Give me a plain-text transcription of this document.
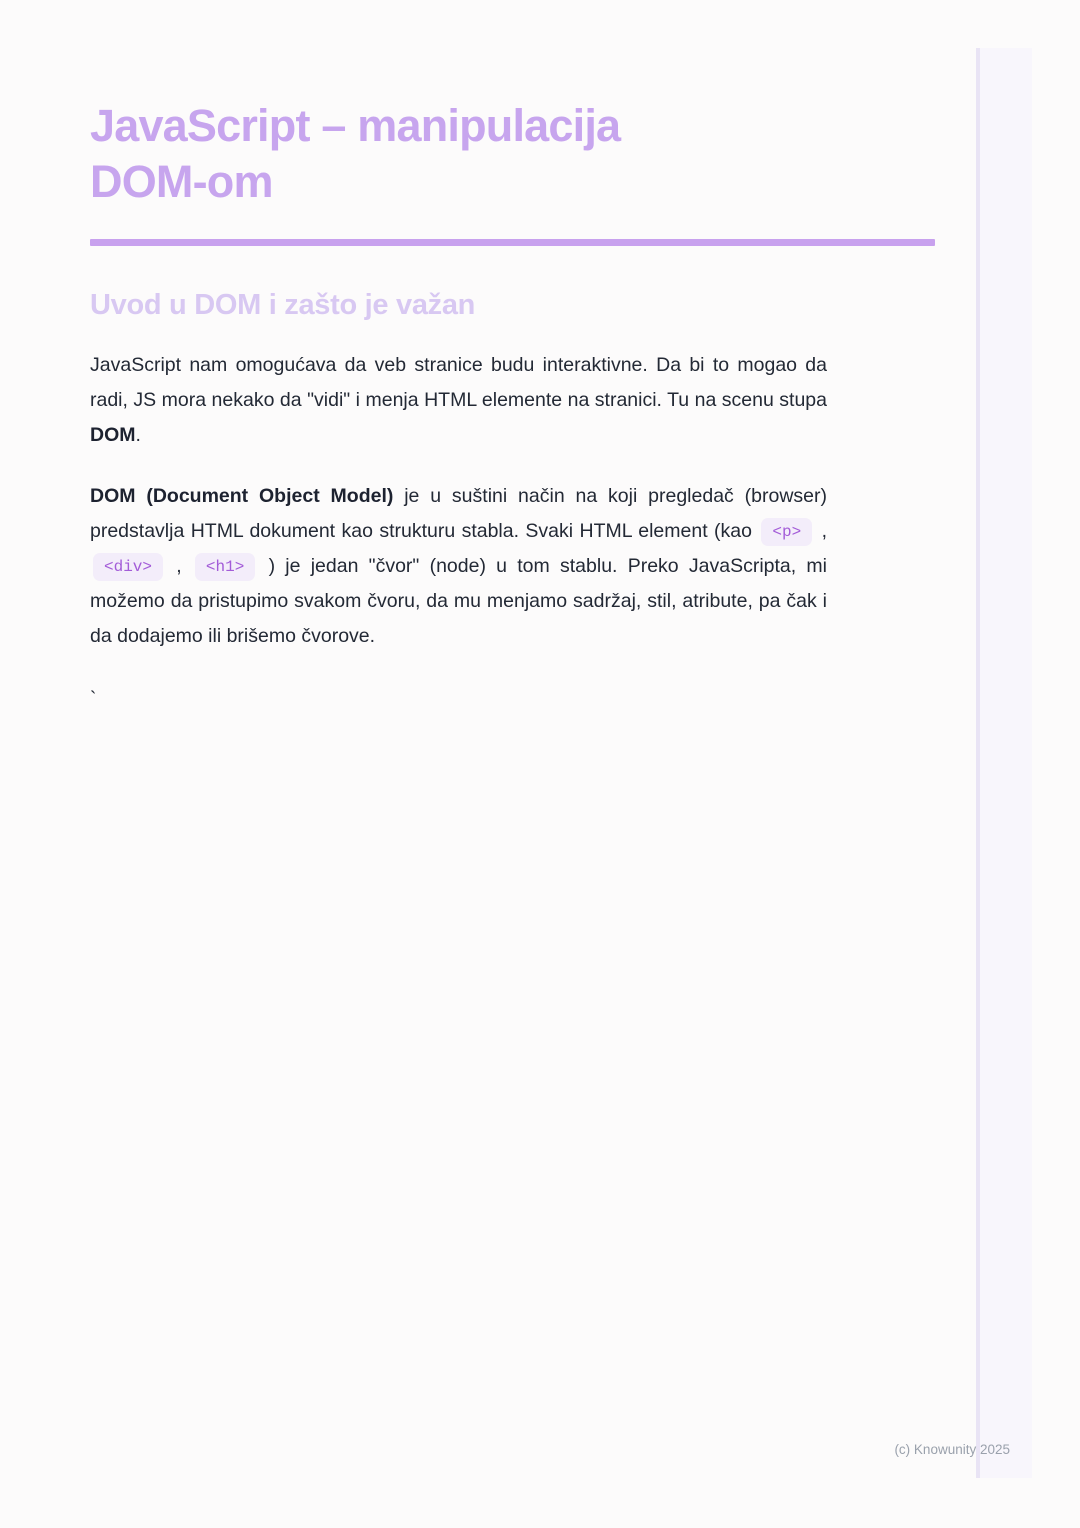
JavaScript – manipulacija
DOM-om
Uvod u DOM i zašto je važan

JavaScript nam omogućava da veb stranice budu interaktivne. Da bi to mogao da radi, JS mora nekako da "vidi" i menja HTML elemente na stranici. Tu na scenu stupa DOM.

DOM (Document Object Model) je u suštini način na koji pregledač (browser) predstavlja HTML dokument kao strukturu stabla. Svaki HTML element (kao <p> , <div> , <h1> ) je jedan "čvor" (node) u tom stablu. Preko JavaScripta, mi možemo da pristupimo svakom čvoru, da mu menjamo sadržaj, stil, atribute, pa čak i da dodajemo ili brišemo čvorove.

`

(c) Knowunity 2025
